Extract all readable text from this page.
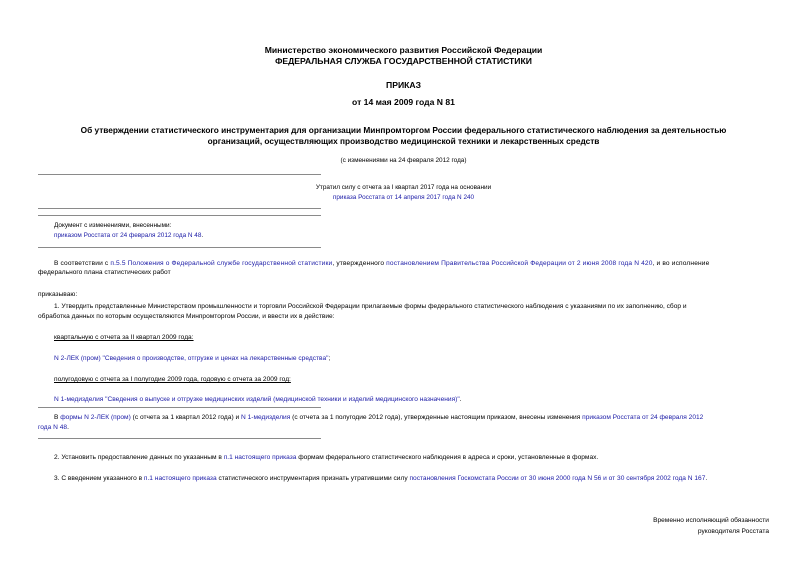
Министерство экономического развития Российской Федерации
ФЕДЕРАЛЬНАЯ СЛУЖБА ГОСУДАРСТВЕННОЙ СТАТИСТИКИ
ПРИКАЗ
от 14 мая 2009 года N 81
Об утверждении статистического инструментария для организации Минпромторгом России федерального статистического наблюдения за деятельностью
организаций, осуществляющих производство медицинской техники и лекарственных средств
(с изменениями на 24 февраля 2012 года)
Утратил силу с отчета за I квартал 2017 года на основании
приказа Росстата от 14 апреля 2017 года N 240
Документ с изменениями, внесенными:
приказом Росстата от 24 февраля 2012 года N 48.
В соответствии с п.5.5 Положения о Федеральной службе государственной статистики, утвержденного постановлением Правительства Российской Федерации от 2 июня 2008 года N 420, и во исполнение
федерального плана статистических работ
приказываю:
1. Утвердить представленные Министерством промышленности и торговли Российской Федерации прилагаемые формы федерального статистического наблюдения с указаниями по их заполнению, сбор и
обработка данных по которым осуществляются Минпромторгом России, и ввести их в действие:
квартальную с отчета за II квартал 2009 года:
N 2-ЛЕК (пром) "Сведения о производстве, отгрузке и ценах на лекарственные средства";
полугодовую с отчета за I полугодие 2009 года, годовую с отчета за 2009 год:
N 1-медизделия "Сведения о выпуске и отгрузке медицинских изделий (медицинской техники и изделий медицинского назначения)".
В формы N 2-ЛЕК (пром) (с отчета за 1 квартал 2012 года) и N 1-медизделия (с отчета за 1 полугодие 2012 года), утвержденные настоящим приказом, внесены изменения приказом Росстата от 24 февраля 2012
года N 48.
2. Установить предоставление данных по указанным в п.1 настоящего приказа формам федерального статистического наблюдения в адреса и сроки, установленные в формах.
3. С введением указанного в п.1 настоящего приказа статистического инструментария признать утратившими силу постановления Госкомстата России от 30 июня 2000 года N 56 и от 30 сентября 2002 года N 167.
Временно исполняющий обязанности
руководителя Росстата
